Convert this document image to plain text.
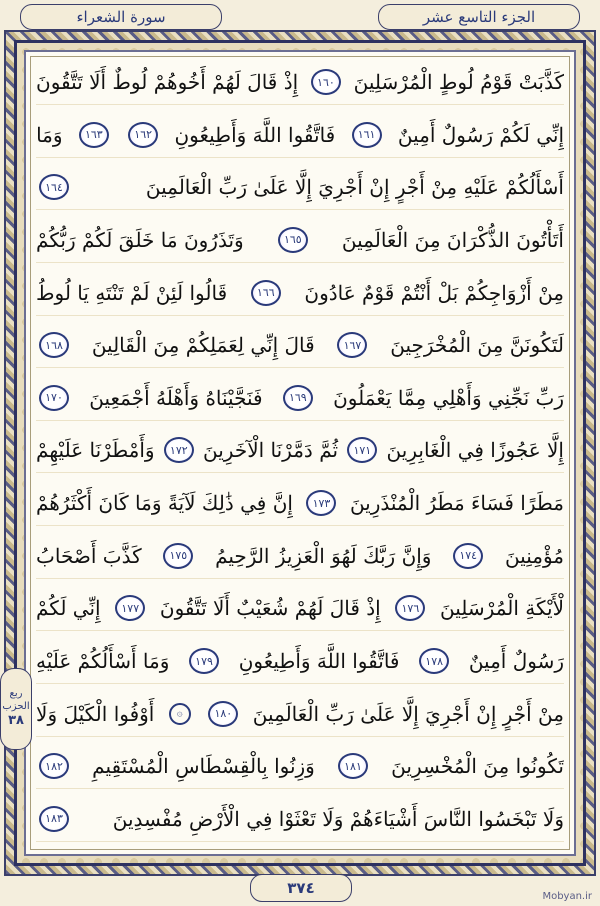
الجزء التاسع عشر
سورة الشعراء
كَذَّبَتْ قَوْمُ لُوطٍ الْمُرْسَلِينَ
١٦٠
إِذْ قَالَ لَهُمْ أَخُوهُمْ لُوطٌ أَلَا تَتَّقُونَ
إِنِّي لَكُمْ رَسُولٌ أَمِينٌ
١٦١
فَاتَّقُوا اللَّهَ وَأَطِيعُونِ
١٦٢
١٦٣
وَمَا
أَسْأَلُكُمْ عَلَيْهِ مِنْ أَجْرٍ إِنْ أَجْرِيَ إِلَّا عَلَىٰ رَبِّ الْعَالَمِينَ
١٦٤
أَتَأْتُونَ الذُّكْرَانَ مِنَ الْعَالَمِينَ
١٦٥
وَتَذَرُونَ مَا خَلَقَ لَكُمْ رَبُّكُمْ
مِنْ أَزْوَاجِكُمْ بَلْ أَنْتُمْ قَوْمٌ عَادُونَ
١٦٦
قَالُوا لَئِنْ لَمْ تَنْتَهِ يَا لُوطُ
لَتَكُونَنَّ مِنَ الْمُخْرَجِينَ
١٦٧
قَالَ إِنِّي لِعَمَلِكُمْ مِنَ الْقَالِينَ
١٦٨
رَبِّ نَجِّنِي وَأَهْلِي مِمَّا يَعْمَلُونَ
١٦٩
فَنَجَّيْنَاهُ وَأَهْلَهُ أَجْمَعِينَ
١٧٠
إِلَّا عَجُوزًا فِي الْغَابِرِينَ
١٧١
ثُمَّ دَمَّرْنَا الْآخَرِينَ
١٧٢
وَأَمْطَرْنَا عَلَيْهِمْ
مَطَرًا فَسَاءَ مَطَرُ الْمُنْذَرِينَ
١٧٣
إِنَّ فِي ذَٰلِكَ لَآيَةً وَمَا كَانَ أَكْثَرُهُمْ
مُؤْمِنِينَ
١٧٤
وَإِنَّ رَبَّكَ لَهُوَ الْعَزِيزُ الرَّحِيمُ
١٧٥
كَذَّبَ أَصْحَابُ
لْأَيْكَةِ الْمُرْسَلِينَ
١٧٦
إِذْ قَالَ لَهُمْ شُعَيْبٌ أَلَا تَتَّقُونَ
١٧٧
إِنِّي لَكُمْ
رَسُولٌ أَمِينٌ
١٧٨
فَاتَّقُوا اللَّهَ وَأَطِيعُونِ
١٧٩
وَمَا أَسْأَلُكُمْ عَلَيْهِ
مِنْ أَجْرٍ إِنْ أَجْرِيَ إِلَّا عَلَىٰ رَبِّ الْعَالَمِينَ
١٨٠
۞
أَوْفُوا الْكَيْلَ وَلَا
تَكُونُوا مِنَ الْمُخْسِرِينَ
١٨١
وَزِنُوا بِالْقِسْطَاسِ الْمُسْتَقِيمِ
١٨٢
وَلَا تَبْخَسُوا النَّاسَ أَشْيَاءَهُمْ وَلَا تَعْثَوْا فِي الْأَرْضِ مُفْسِدِينَ
١٨٣
ربع
الحزب
٣٨
٣٧٤	Mobyan.ir
